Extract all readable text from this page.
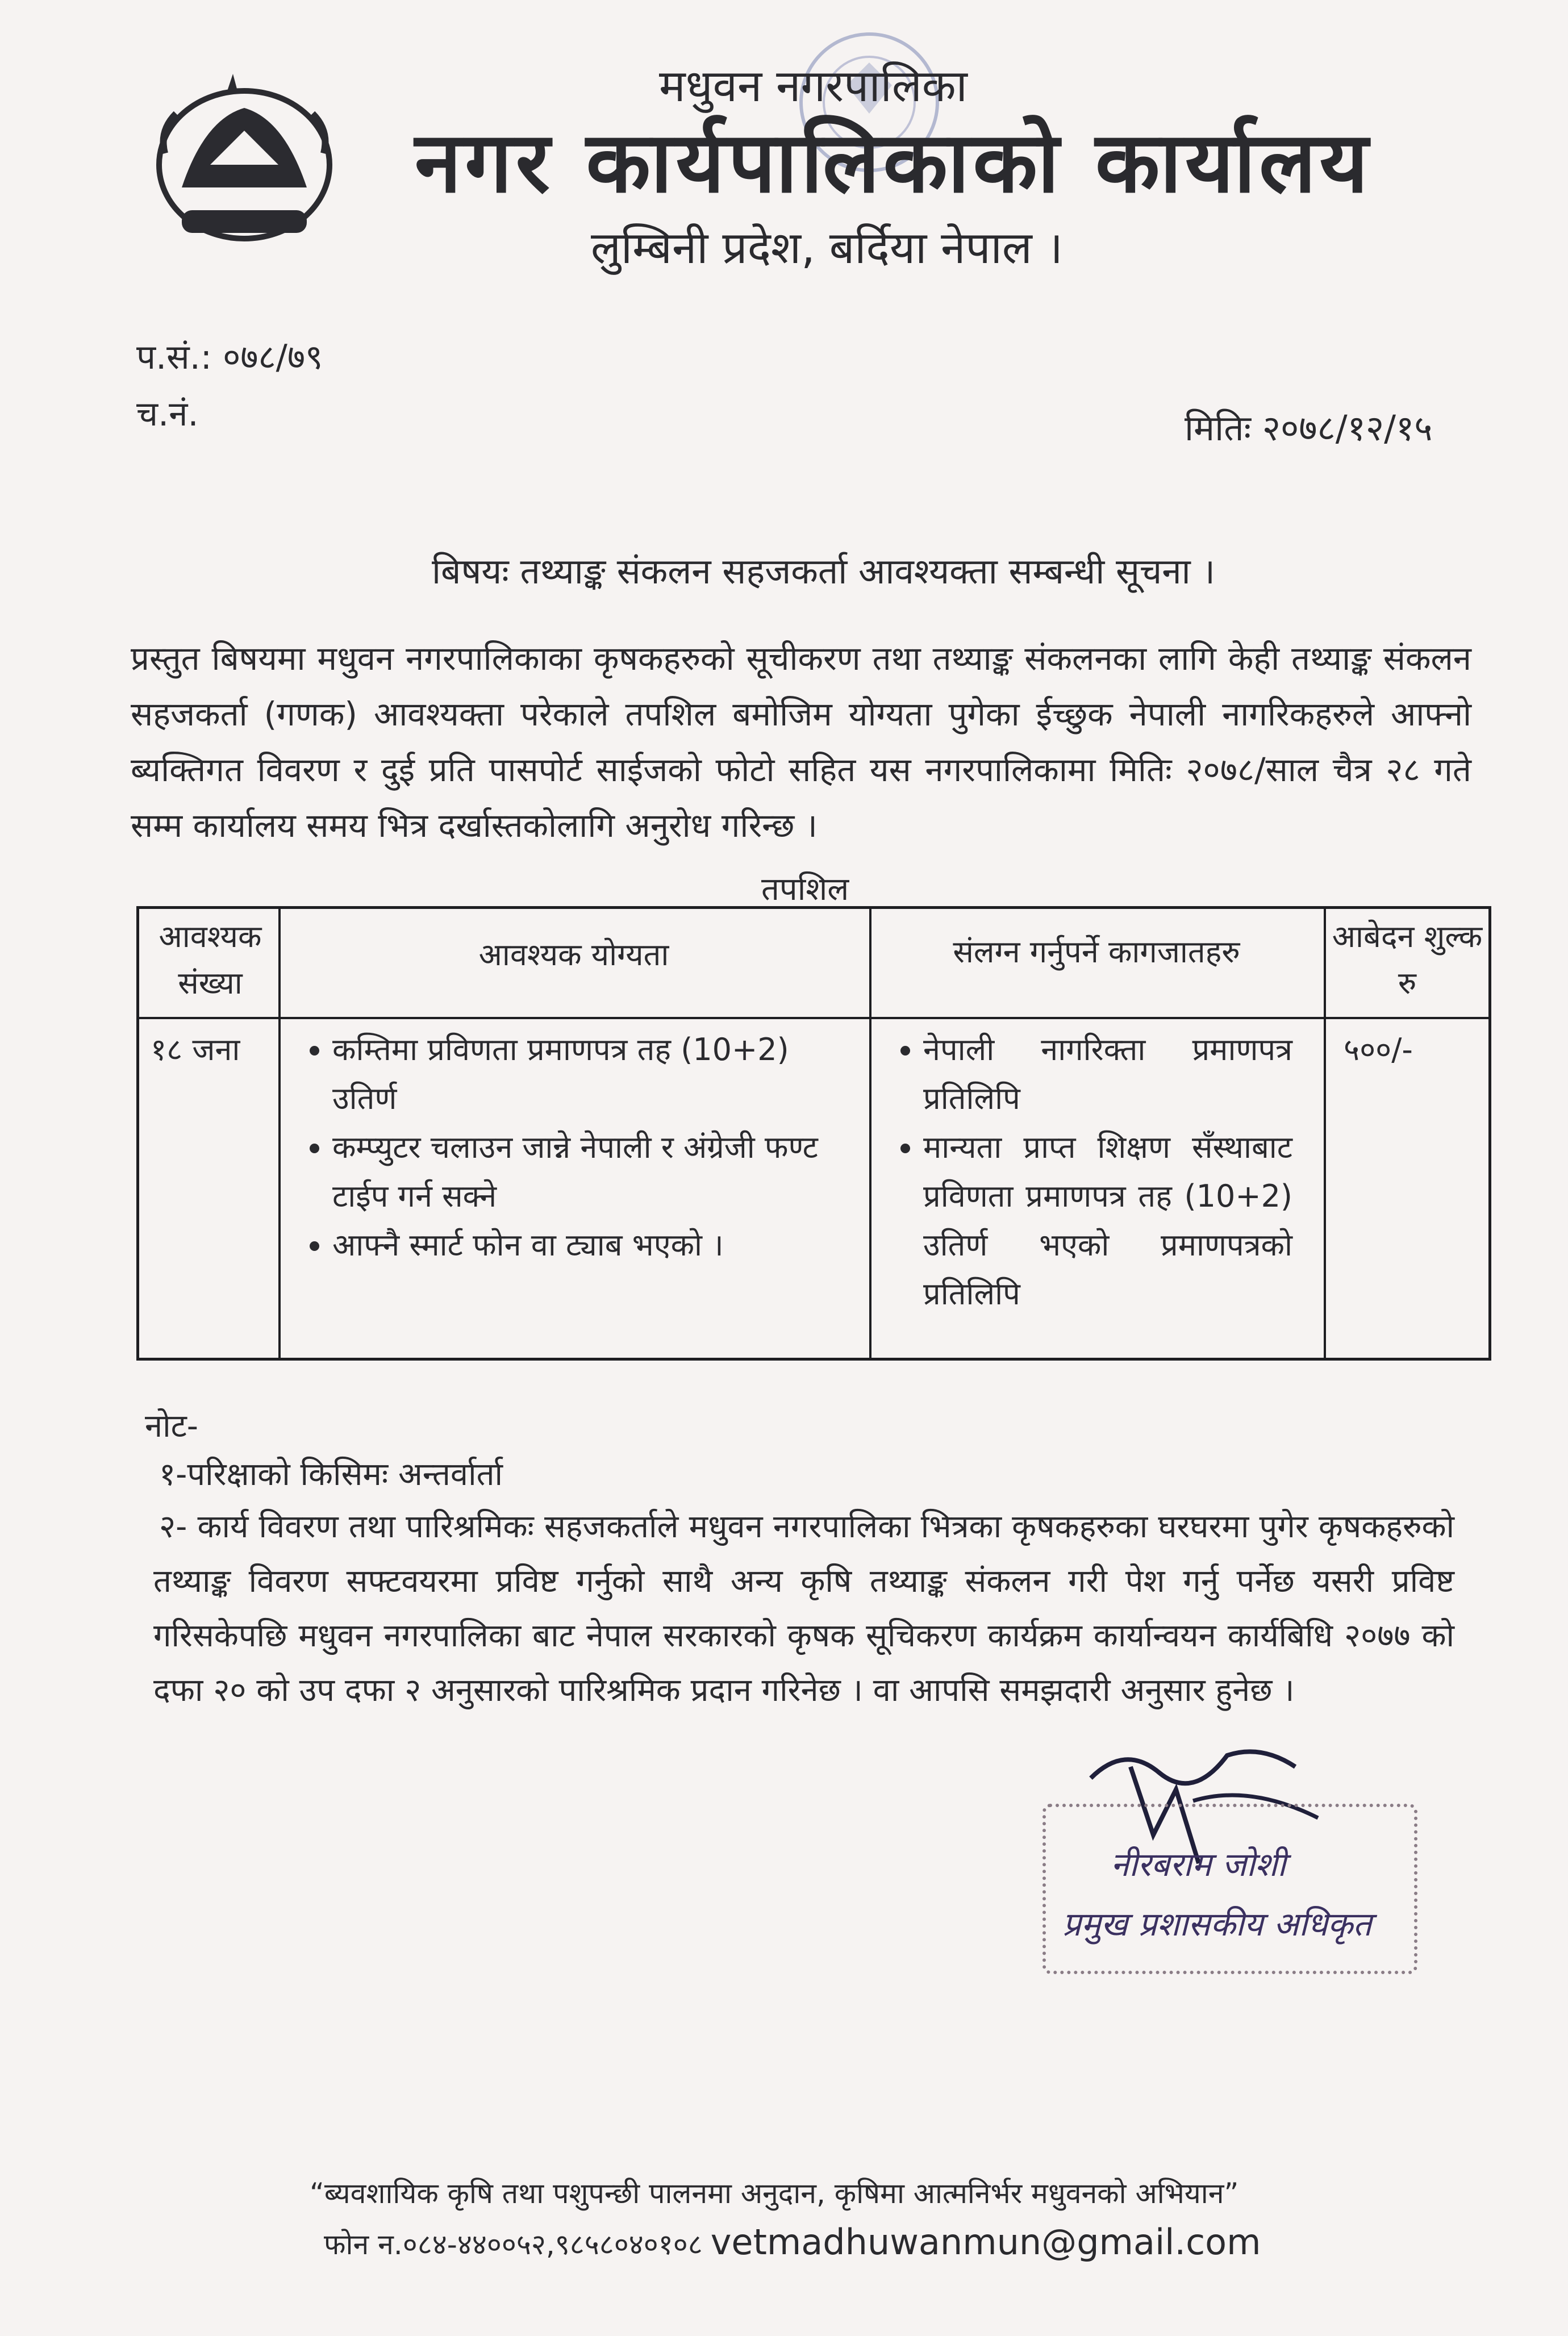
मधुवन नगरपालिका
नगर कार्यपालिकाको कार्यालय
लुम्बिनी प्रदेश, बर्दिया नेपाल ।
प.सं.: ०७८/७९
च.नं.	मितिः २०७८/१२/१५
बिषयः तथ्याङ्क संकलन सहजकर्ता आवश्यक्ता सम्बन्धी सूचना ।
प्रस्तुत बिषयमा मधुवन नगरपालिकाका कृषकहरुको सूचीकरण तथा तथ्याङ्क संकलनका लागि केही तथ्याङ्क संकलन सहजकर्ता (गणक) आवश्यक्ता परेकाले तपशिल बमोजिम योग्यता पुगेका ईच्छुक नेपाली नागरिकहरुले आफ्नो ब्यक्तिगत विवरण र दुई प्रति पासपोर्ट साईजको फोटो सहित यस नगरपालिकामा मितिः २०७८/साल चैत्र २८ गते सम्म कार्यालय समय भित्र दर्खास्तकोलागि अनुरोध गरिन्छ ।
तपशिल
आवश्यक संख्या
आवश्यक योग्यता	संलग्न गर्नुपर्ने कागजातहरु	आबेदन शुल्क रु
१८ जना
•	कम्तिमा प्रविणता प्रमाणपत्र तह (10+2) उतिर्ण
• कम्प्युटर चलाउन जान्ने नेपाली र अंग्रेजी फण्ट टाईप गर्न सक्ने
• आफ्नै स्मार्ट फोन वा ट्याब भएको ।
• नेपाली नागरिक्ता प्रमाणपत्र प्रतिलिपि
• मान्यता प्राप्त शिक्षण सँस्थाबाट प्रविणता प्रमाणपत्र तह (10+2) उतिर्ण भएको प्रमाणपत्रको प्रतिलिपि
५००/-
नोट-
१-परिक्षाको किसिमः अन्तर्वार्ता
२- कार्य विवरण तथा पारिश्रमिकः सहजकर्ताले मधुवन नगरपालिका भित्रका कृषकहरुका घरघरमा पुगेर कृषकहरुको तथ्याङ्क विवरण सफ्टवयरमा प्रविष्ट गर्नुको साथै अन्य कृषि तथ्याङ्क संकलन गरी पेश गर्नु पर्नेछ यसरी प्रविष्ट गरिसकेपछि मधुवन नगरपालिका बाट नेपाल सरकारको कृषक सूचिकरण कार्यक्रम कार्यान्वयन कार्यबिधि २०७७ को दफा २० को उप दफा २ अनुसारको पारिश्रमिक प्रदान गरिनेछ । वा आपसि समझदारी अनुसार हुनेछ ।
नीरबराम जोशी
प्रमुख प्रशासकीय अधिकृत
“ब्यवशायिक कृषि तथा पशुपन्छी पालनमा अनुदान, कृषिमा आत्मनिर्भर मधुवनको अभियान”
फोन न.०८४-४४००५२,९८५८०४०१०८ vetmadhuwanmun@gmail.com
